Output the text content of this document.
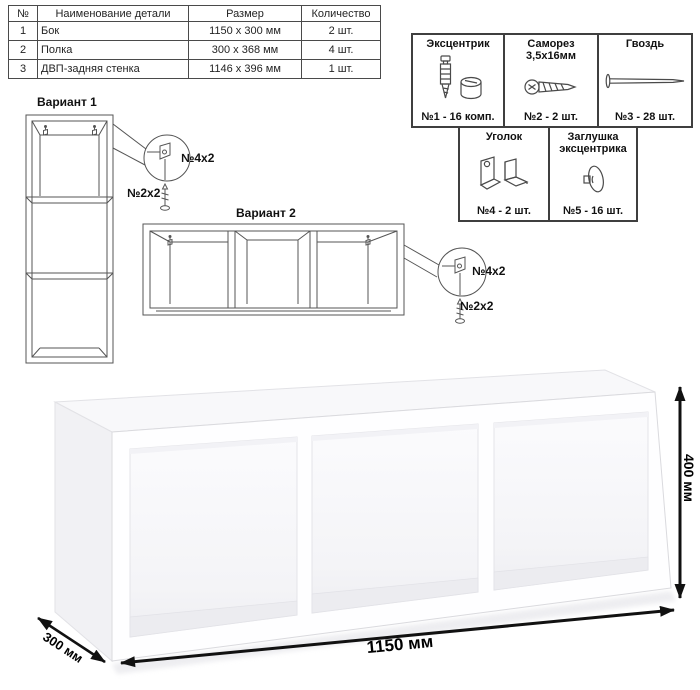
№	Наименование детали	Размер	Количество
1	Бок	1150 x 300 мм	2 шт.
2	Полка	300 x 368 мм	4 шт.
3	ДВП-задняя стенка	1146 x 396 мм	1 шт.
Эксцентрик
№1 - 16 комп.
Саморез
3,5х16мм
№2 - 2 шт.
Гвоздь
№3 - 28 шт.
Уголок
№4 - 2 шт.
Заглушка
эксцентрика
№5 - 16 шт.
Вариант 1
№4х2
№2х2
Вариант 2
№4х2
№2х2
1150 мм
300 мм
400 мм
